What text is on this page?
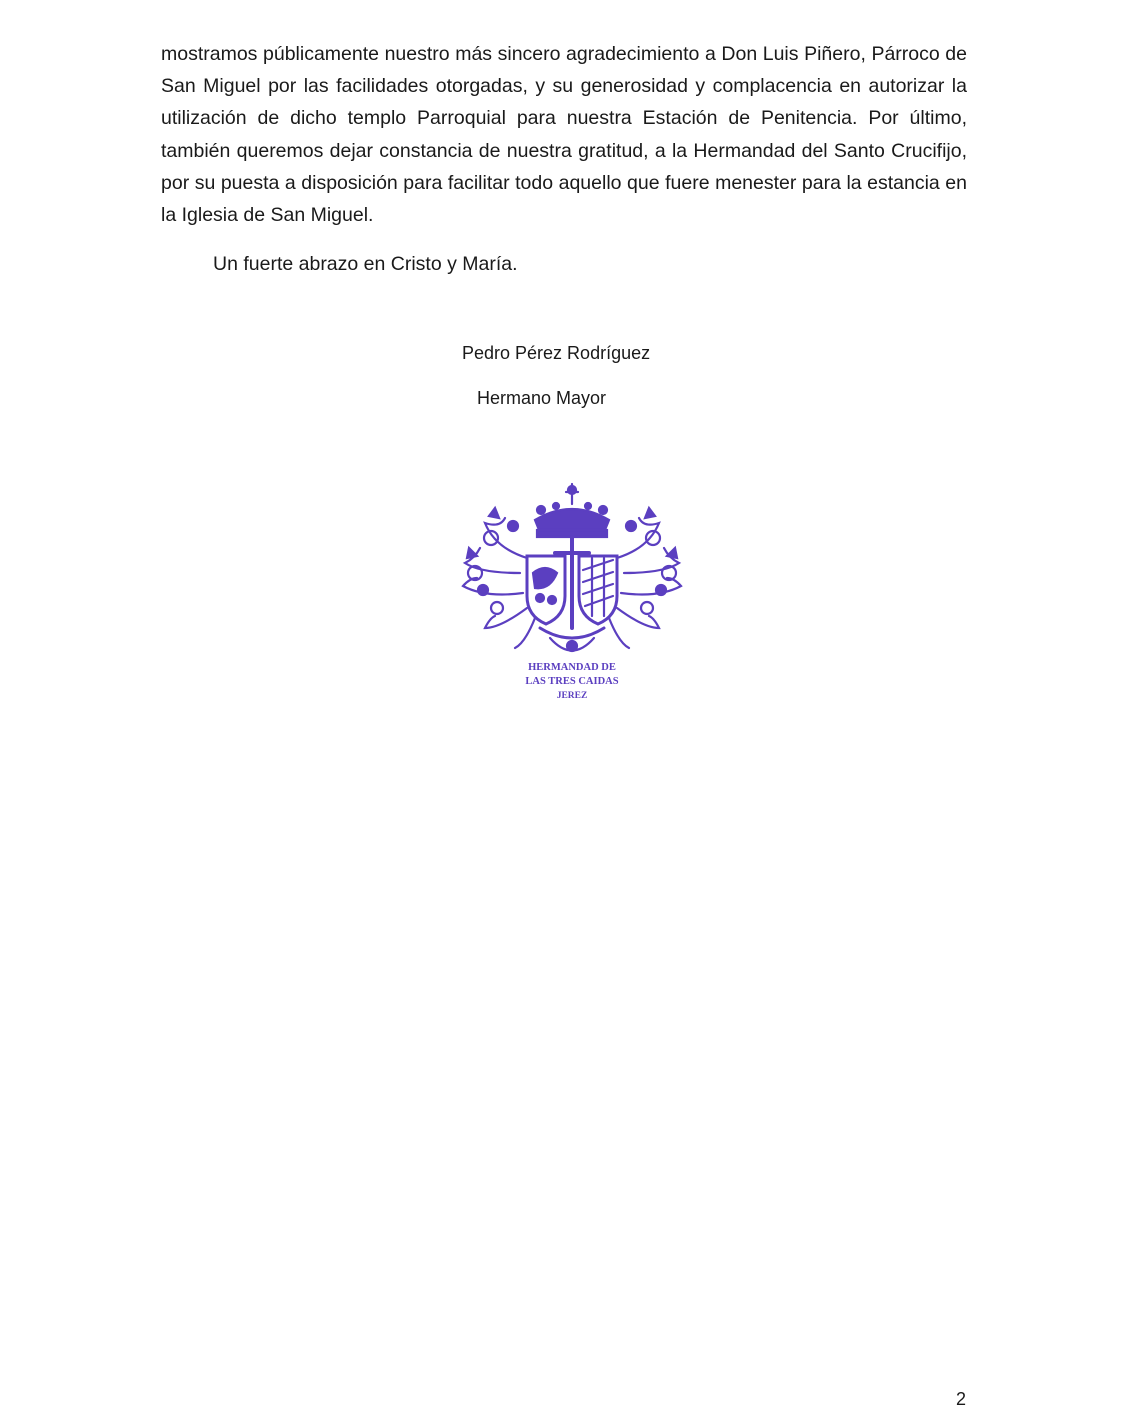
mostramos públicamente nuestro más sincero agradecimiento a Don Luis Piñero, Párroco de San Miguel por las facilidades otorgadas, y su generosidad y complacencia en autorizar la utilización de dicho templo Parroquial para nuestra Estación de Penitencia. Por último, también queremos dejar constancia de nuestra gratitud, a la Hermandad del Santo Crucifijo, por su puesta a disposición para facilitar todo aquello que fuere menester para la estancia en la Iglesia de San Miguel.

Un fuerte abrazo en Cristo y María.

Pedro Pérez Rodríguez
Hermano Mayor
HERMANDAD DE
LAS TRES CAIDAS
JEREZ
2
